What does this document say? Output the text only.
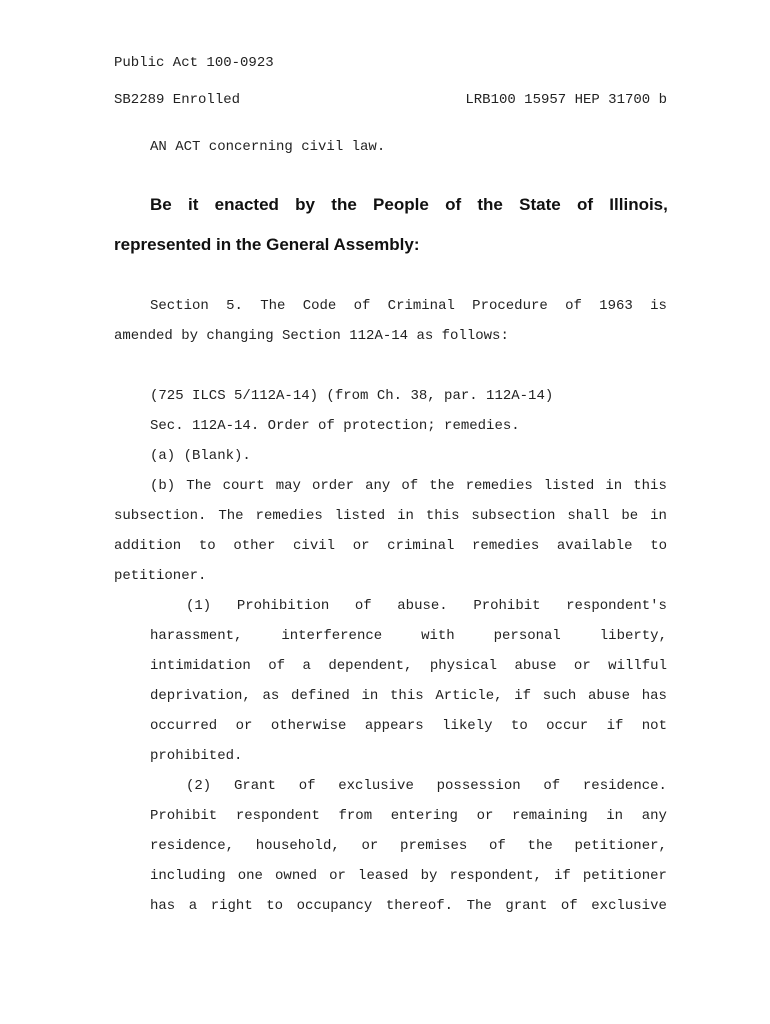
Public Act 100-0923
SB2289 Enrolled	LRB100 15957 HEP 31700 b
AN ACT concerning civil law.
Be it enacted by the People of the State of Illinois,
represented in the General Assembly:
Section 5. The Code of Criminal Procedure of 1963 is
amended by changing Section 112A-14 as follows:
(725 ILCS 5/112A-14) (from Ch. 38, par. 112A-14)
Sec. 112A-14. Order of protection; remedies.
(a) (Blank).
(b) The court may order any of the remedies listed in this
subsection. The remedies listed in this subsection shall be in
addition to other civil or criminal remedies available to
petitioner.
(1) Prohibition of abuse. Prohibit respondent's
harassment,	interference	with	personal	liberty,
intimidation of a dependent, physical abuse or willful
deprivation, as defined in this Article, if such abuse has
occurred or otherwise appears likely to occur if not
prohibited.
(2) Grant of exclusive possession of residence.
Prohibit respondent from entering or remaining in any
residence, household, or premises of the petitioner,
including one owned or leased by respondent, if petitioner
has a right to occupancy thereof. The grant of exclusive
